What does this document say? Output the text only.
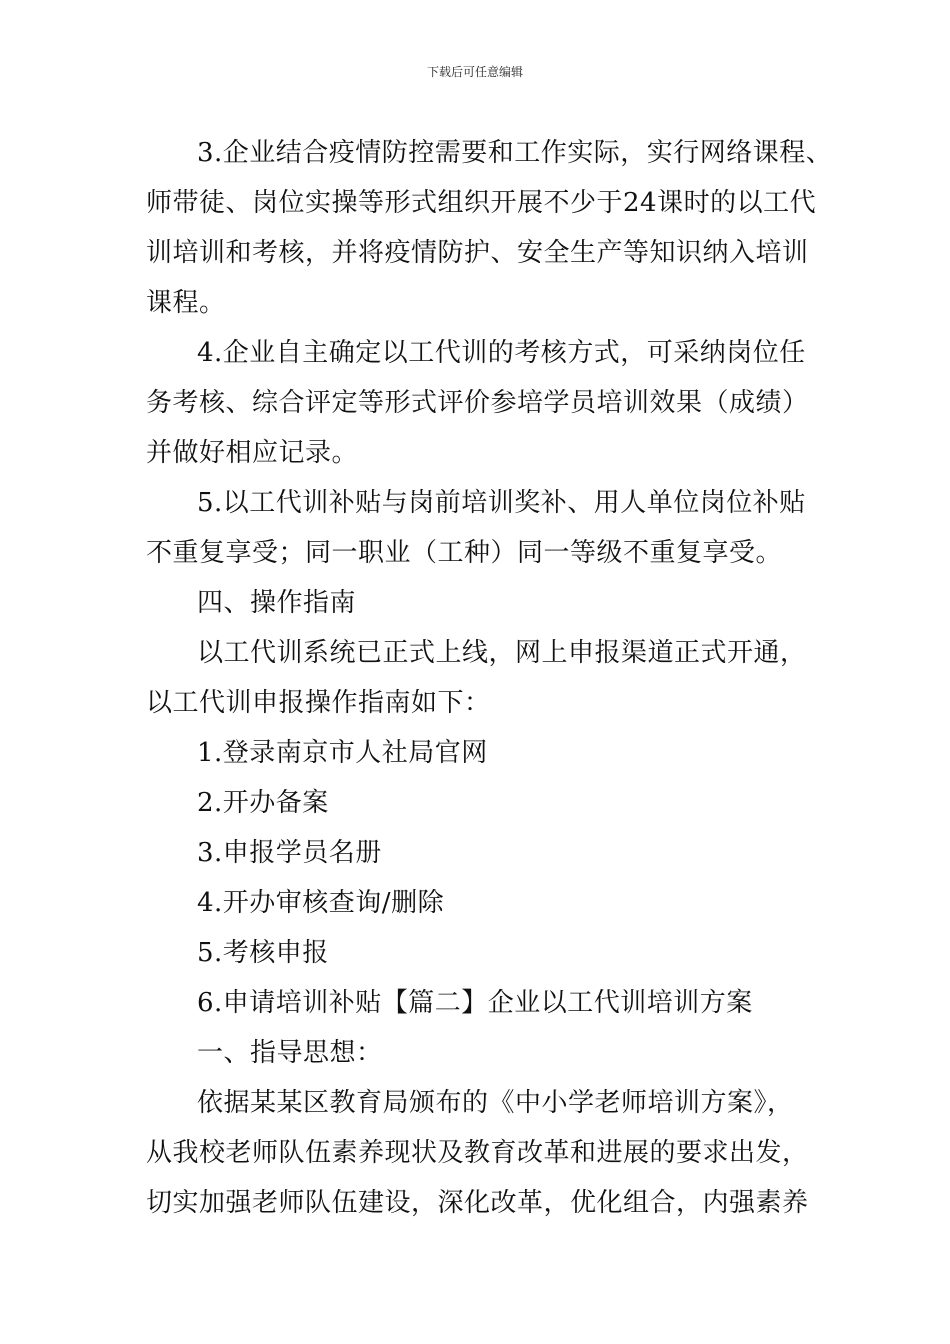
下载后可任意编辑
3.企业结合疫情防控需要和工作实际，实行网络课程、
师带徒、岗位实操等形式组织开展不少于24课时的以工代
训培训和考核，并将疫情防护、安全生产等知识纳入培训
课程。
4.企业自主确定以工代训的考核方式，可采纳岗位任
务考核、综合评定等形式评价参培学员培训效果（成绩）
并做好相应记录。
5.以工代训补贴与岗前培训奖补、用人单位岗位补贴
不重复享受；同一职业（工种）同一等级不重复享受。
四、操作指南
以工代训系统已正式上线，网上申报渠道正式开通，
以工代训申报操作指南如下：
1.登录南京市人社局官网
2.开办备案
3.申报学员名册
4.开办审核查询/删除
5.考核申报
6.申请培训补贴【篇二】企业以工代训培训方案
一、指导思想：
依据某某区教育局颁布的《中小学老师培训方案》，
从我校老师队伍素养现状及教育改革和进展的要求出发，
切实加强老师队伍建设，深化改革，优化组合，内强素养
